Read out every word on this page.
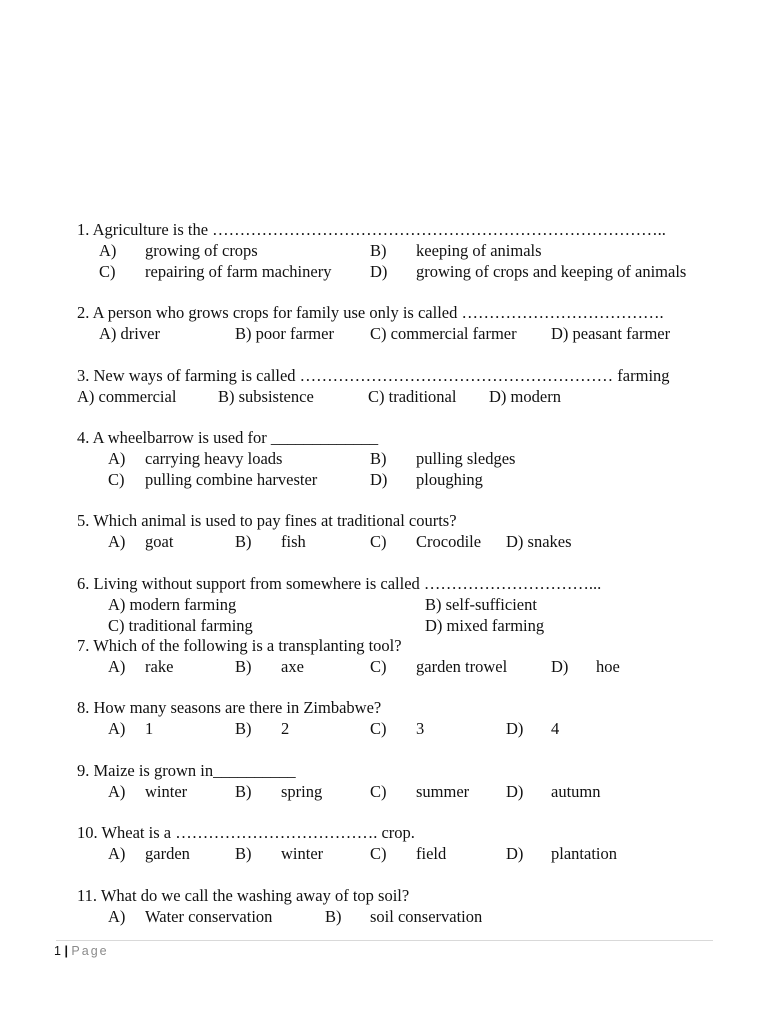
1. Agriculture is the ………………………………………………………………………..
A) growing of crops	B) keeping of animals
C) repairing of farm machinery D) growing of crops and keeping of animals
2. A person who grows crops for family use only is called ……………………………….
A) driver	B) poor farmer C) commercial farmer D) peasant farmer
3. New ways of farming is called ………………………………………………… farming
A) commercial	B) subsistence	C) traditional D) modern
4. A wheelbarrow is used for _____________
A) carrying heavy loads	B) pulling sledges
C) pulling combine harvester	D) ploughing
5. Which animal is used to pay fines at traditional courts?
A) goat	B) fish	C) Crocodile D) snakes
6. Living without support from somewhere is called …………………………...
A) modern farming	B) self-sufficient
C) traditional farming	D) mixed farming
7. Which of the following is a transplanting tool?
A) rake	B) axe	C) garden trowel	D) hoe
8. How many seasons are there in Zimbabwe?
A) 1	B) 2	C) 3	D) 4
9. Maize is grown in__________
A) winter	B) spring	C) summer D) autumn
10. Wheat is a ………………………………. crop.
A) garden	B) winter	C) field	D) plantation
11. What do we call the washing away of top soil?
A) Water conservation	B) soil conservation
1 | Page
